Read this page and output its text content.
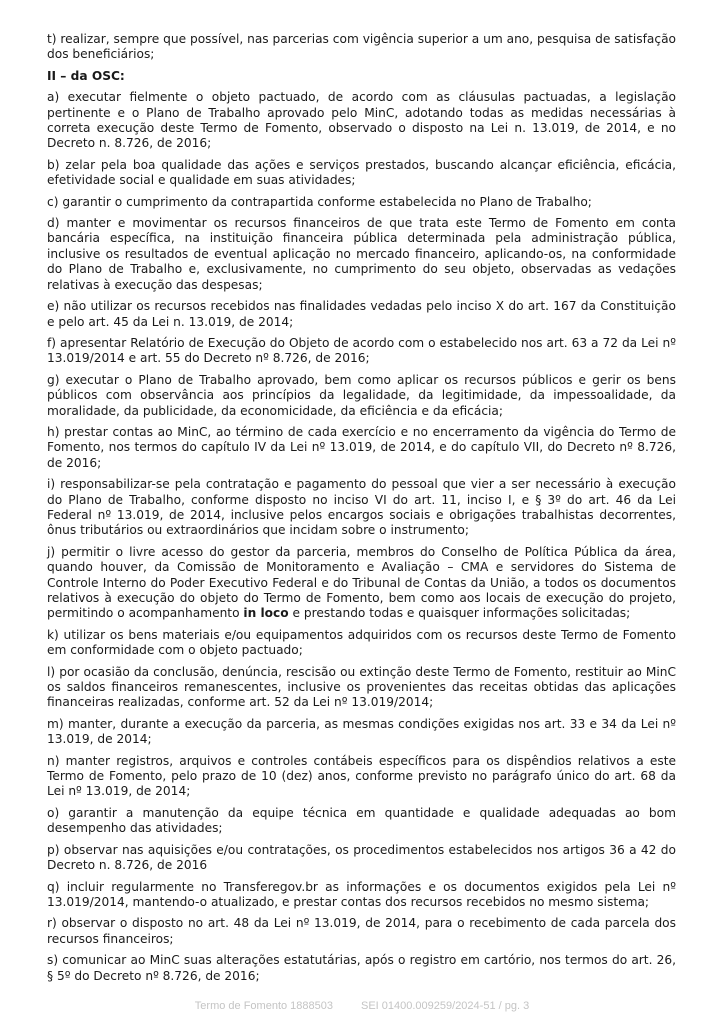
t) realizar, sempre que possível, nas parcerias com vigência superior a um ano, pesquisa de satisfação dos beneficiários;

II – da OSC:

a) executar fielmente o objeto pactuado, de acordo com as cláusulas pactuadas, a legislação pertinente e o Plano de Trabalho aprovado pelo MinC, adotando todas as medidas necessárias à correta execução deste Termo de Fomento, observado o disposto na Lei n. 13.019, de 2014, e no Decreto n. 8.726, de 2016;

b) zelar pela boa qualidade das ações e serviços prestados, buscando alcançar eficiência, eficácia, efetividade social e qualidade em suas atividades;

c) garantir o cumprimento da contrapartida conforme estabelecida no Plano de Trabalho;

d) manter e movimentar os recursos financeiros de que trata este Termo de Fomento em conta bancária específica, na instituição financeira pública determinada pela administração pública, inclusive os resultados de eventual aplicação no mercado financeiro, aplicando-os, na conformidade do Plano de Trabalho e, exclusivamente, no cumprimento do seu objeto, observadas as vedações relativas à execução das despesas;

e) não utilizar os recursos recebidos nas finalidades vedadas pelo inciso X do art. 167 da Constituição e pelo art. 45 da Lei n. 13.019, de 2014;

f) apresentar Relatório de Execução do Objeto de acordo com o estabelecido nos art. 63 a 72 da Lei nº 13.019/2014 e art. 55 do Decreto nº 8.726, de 2016;

g) executar o Plano de Trabalho aprovado, bem como aplicar os recursos públicos e gerir os bens públicos com observância aos princípios da legalidade, da legitimidade, da impessoalidade, da moralidade, da publicidade, da economicidade, da eficiência e da eficácia;

h) prestar contas ao MinC, ao término de cada exercício e no encerramento da vigência do Termo de Fomento, nos termos do capítulo IV da Lei nº 13.019, de 2014, e do capítulo VII, do Decreto nº 8.726, de 2016;

i) responsabilizar-se pela contratação e pagamento do pessoal que vier a ser necessário à execução do Plano de Trabalho, conforme disposto no inciso VI do art. 11, inciso I, e § 3º do art. 46 da Lei Federal nº 13.019, de 2014, inclusive pelos encargos sociais e obrigações trabalhistas decorrentes, ônus tributários ou extraordinários que incidam sobre o instrumento;

j) permitir o livre acesso do gestor da parceria, membros do Conselho de Política Pública da área, quando houver, da Comissão de Monitoramento e Avaliação – CMA e servidores do Sistema de Controle Interno do Poder Executivo Federal e do Tribunal de Contas da União, a todos os documentos relativos à execução do objeto do Termo de Fomento, bem como aos locais de execução do projeto, permitindo o acompanhamento in loco e prestando todas e quaisquer informações solicitadas;

k) utilizar os bens materiais e/ou equipamentos adquiridos com os recursos deste Termo de Fomento em conformidade com o objeto pactuado;

l) por ocasião da conclusão, denúncia, rescisão ou extinção deste Termo de Fomento, restituir ao MinC os saldos financeiros remanescentes, inclusive os provenientes das receitas obtidas das aplicações financeiras realizadas, conforme art. 52 da Lei nº 13.019/2014;

m) manter, durante a execução da parceria, as mesmas condições exigidas nos art. 33 e 34 da Lei nº 13.019, de 2014;

n) manter registros, arquivos e controles contábeis específicos para os dispêndios relativos a este Termo de Fomento, pelo prazo de 10 (dez) anos, conforme previsto no parágrafo único do art. 68 da Lei nº 13.019, de 2014;

o) garantir a manutenção da equipe técnica em quantidade e qualidade adequadas ao bom desempenho das atividades;

p) observar nas aquisições e/ou contratações, os procedimentos estabelecidos nos artigos 36 a 42 do Decreto n. 8.726, de 2016

q) incluir regularmente no Transferegov.br as informações e os documentos exigidos pela Lei nº 13.019/2014, mantendo-o atualizado, e prestar contas dos recursos recebidos no mesmo sistema;

r) observar o disposto no art. 48 da Lei nº 13.019, de 2014, para o recebimento de cada parcela dos recursos financeiros;

s) comunicar ao MinC suas alterações estatutárias, após o registro em cartório, nos termos do art. 26, § 5º do Decreto nº 8.726, de 2016;

Termo de Fomento 1888503	SEI 01400.009259/2024-51 / pg. 3
